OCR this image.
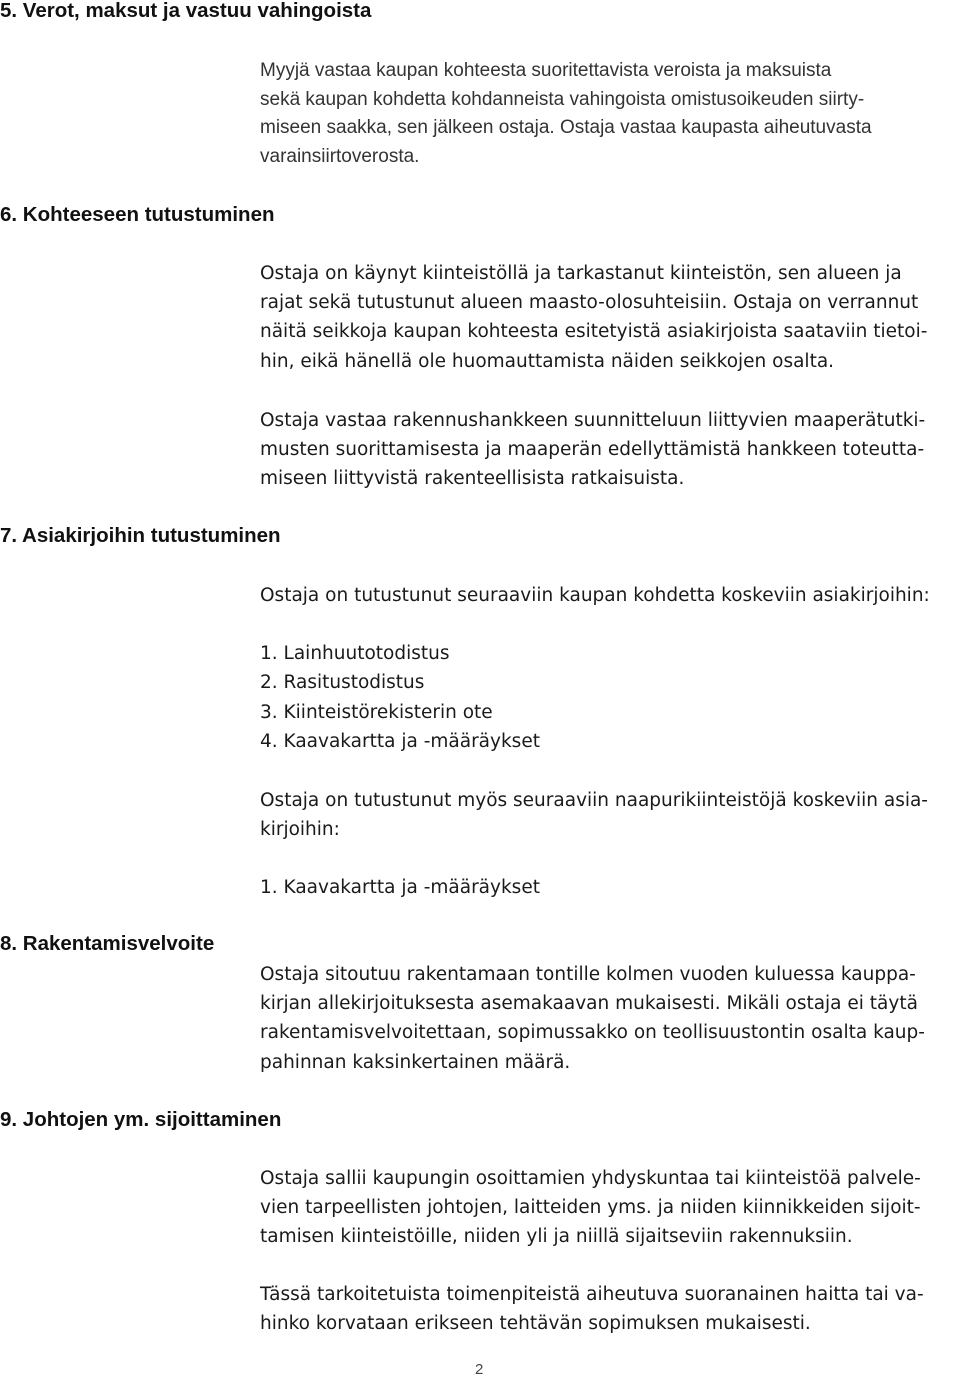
5. Verot, maksut ja vastuu vahingoista

Myyjä vastaa kaupan kohteesta suoritettavista veroista ja maksuista
sekä kaupan kohdetta kohdanneista vahingoista omistusoikeuden siirty-
miseen saakka, sen jälkeen ostaja. Ostaja vastaa kaupasta aiheutuvasta
varainsiirtoverosta.

6. Kohteeseen tutustuminen

Ostaja on käynyt kiinteistöllä ja tarkastanut kiinteistön, sen alueen ja
rajat sekä tutustunut alueen maasto-olosuhteisiin. Ostaja on verrannut
näitä seikkoja kaupan kohteesta esitetyistä asiakirjoista saataviin tietoi-
hin, eikä hänellä ole huomauttamista näiden seikkojen osalta.

Ostaja vastaa rakennushankkeen suunnitteluun liittyvien maaperätutki-
musten suorittamisesta ja maaperän edellyttämistä hankkeen toteutta-
miseen liittyvistä rakenteellisista ratkaisuista.

7. Asiakirjoihin tutustuminen

Ostaja on tutustunut seuraaviin kaupan kohdetta koskeviin asiakirjoihin:

1. Lainhuutotodistus
2. Rasitustodistus
3. Kiinteistörekisterin ote
4. Kaavakartta ja -määräykset

Ostaja on tutustunut myös seuraaviin naapurikiinteistöjä koskeviin asia-
kirjoihin:

1. Kaavakartta ja -määräykset
8. Rakentamisvelvoite

Ostaja sitoutuu rakentamaan tontille kolmen vuoden kuluessa kauppa-
kirjan allekirjoituksesta asemakaavan mukaisesti. Mikäli ostaja ei täytä
rakentamisvelvoitettaan, sopimussakko on teollisuustontin osalta kaup-
pahinnan kaksinkertainen määrä.

9. Johtojen ym. sijoittaminen

Ostaja sallii kaupungin osoittamien yhdyskuntaa tai kiinteistöä palvele-
vien tarpeellisten johtojen, laitteiden yms. ja niiden kiinnikkeiden sijoit-
tamisen kiinteistöille, niiden yli ja niillä sijaitseviin rakennuksiin.

Tässä tarkoitetuista toimenpiteistä aiheutuva suoranainen haitta tai va-
hinko korvataan erikseen tehtävän sopimuksen mukaisesti.

2
